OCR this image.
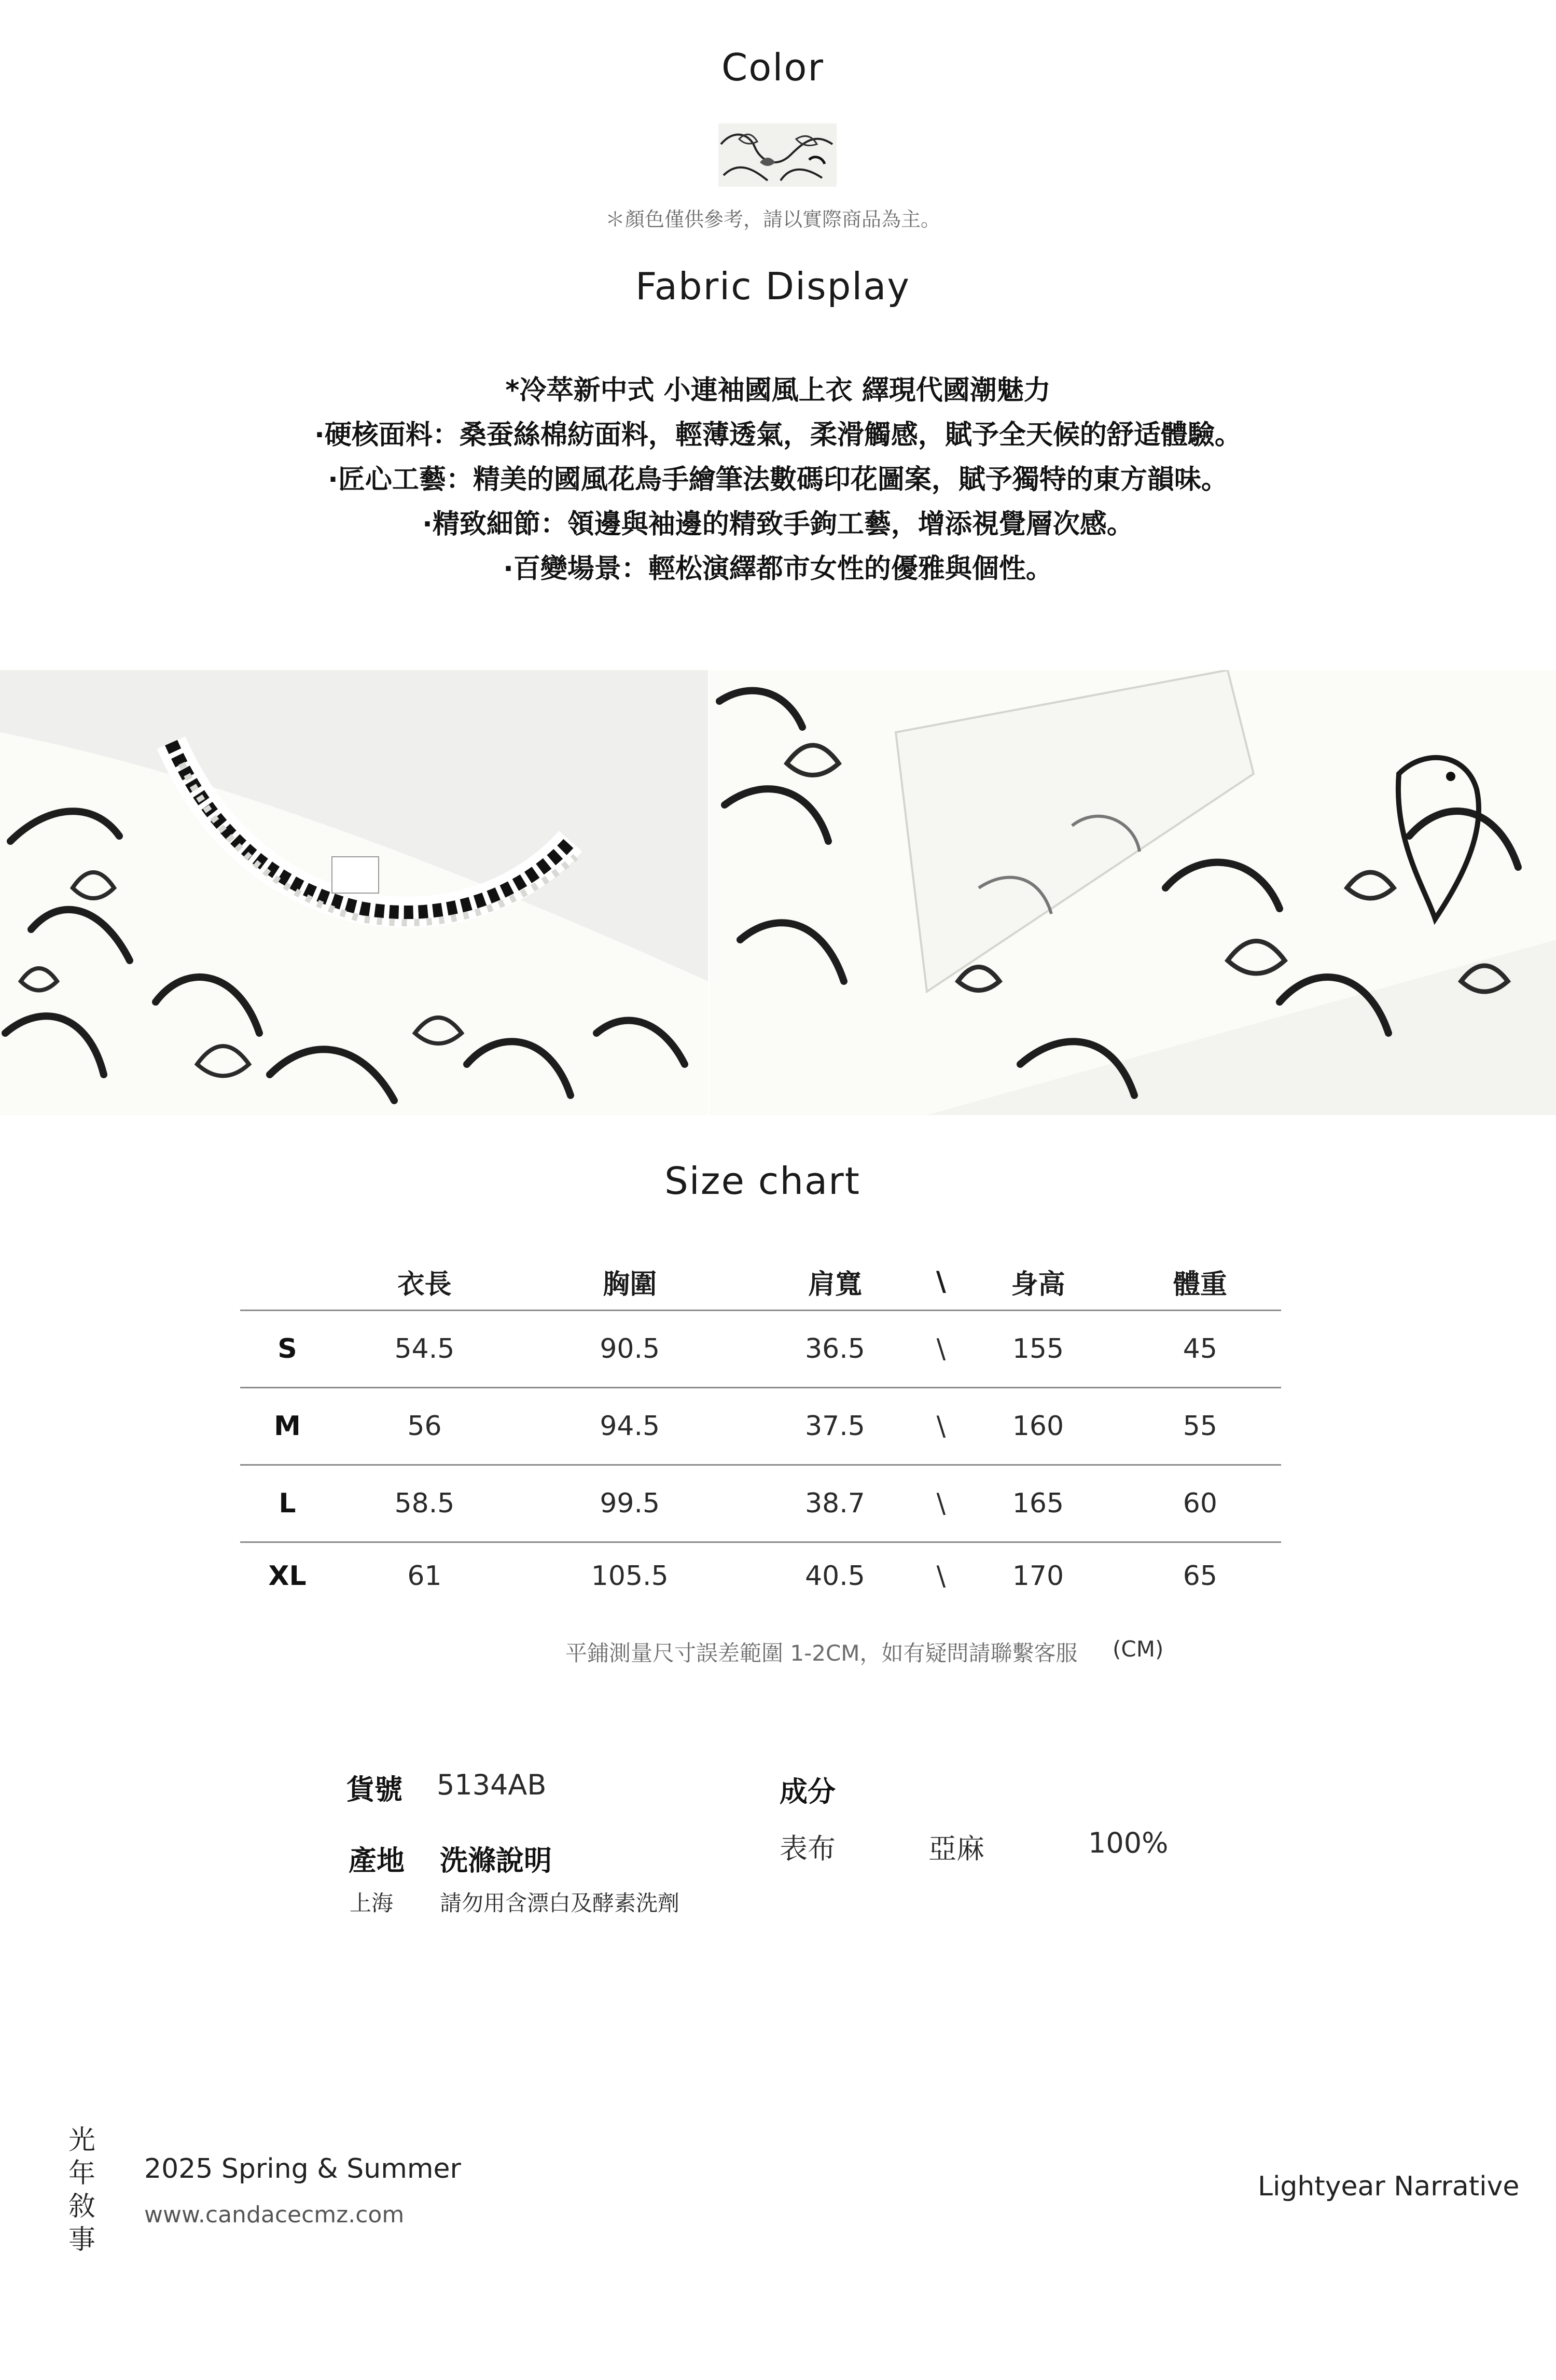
Color
＊顏色僅供參考，請以實際商品為主。
Fabric Display
*冷萃新中式 小連袖國風上衣 繹現代國潮魅力
·硬核面料：桑蚕絲棉紡面料，輕薄透氣，柔滑觸感，賦予全天候的舒适體驗。
·匠心工藝：精美的國風花鳥手繪筆法數碼印花圖案，賦予獨特的東方韻味。
·精致細節：領邊與袖邊的精致手鉤工藝，增添視覺層次感。
·百變場景：輕松演繹都市女性的優雅與個性。
Size chart
	衣長	胸圍	肩寬	\	身高	體重
S	54.5	90.5	36.5	\	155	45
M	56	94.5	37.5	\	160	55
L	58.5	99.5	38.7	\	165	60
XL	61	105.5	40.5	\	170	65
平鋪測量尺寸誤差範圍 1-2CM，如有疑問請聯繫客服 (CM)
貨號 5134AB
產地 洗滌說明
上海 請勿用含漂白及酵素洗劑
成分
表布	亞麻	100%
光
年
敘
事
2025 Spring & Summer
www.candacecmz.com
Lightyear Narrative
